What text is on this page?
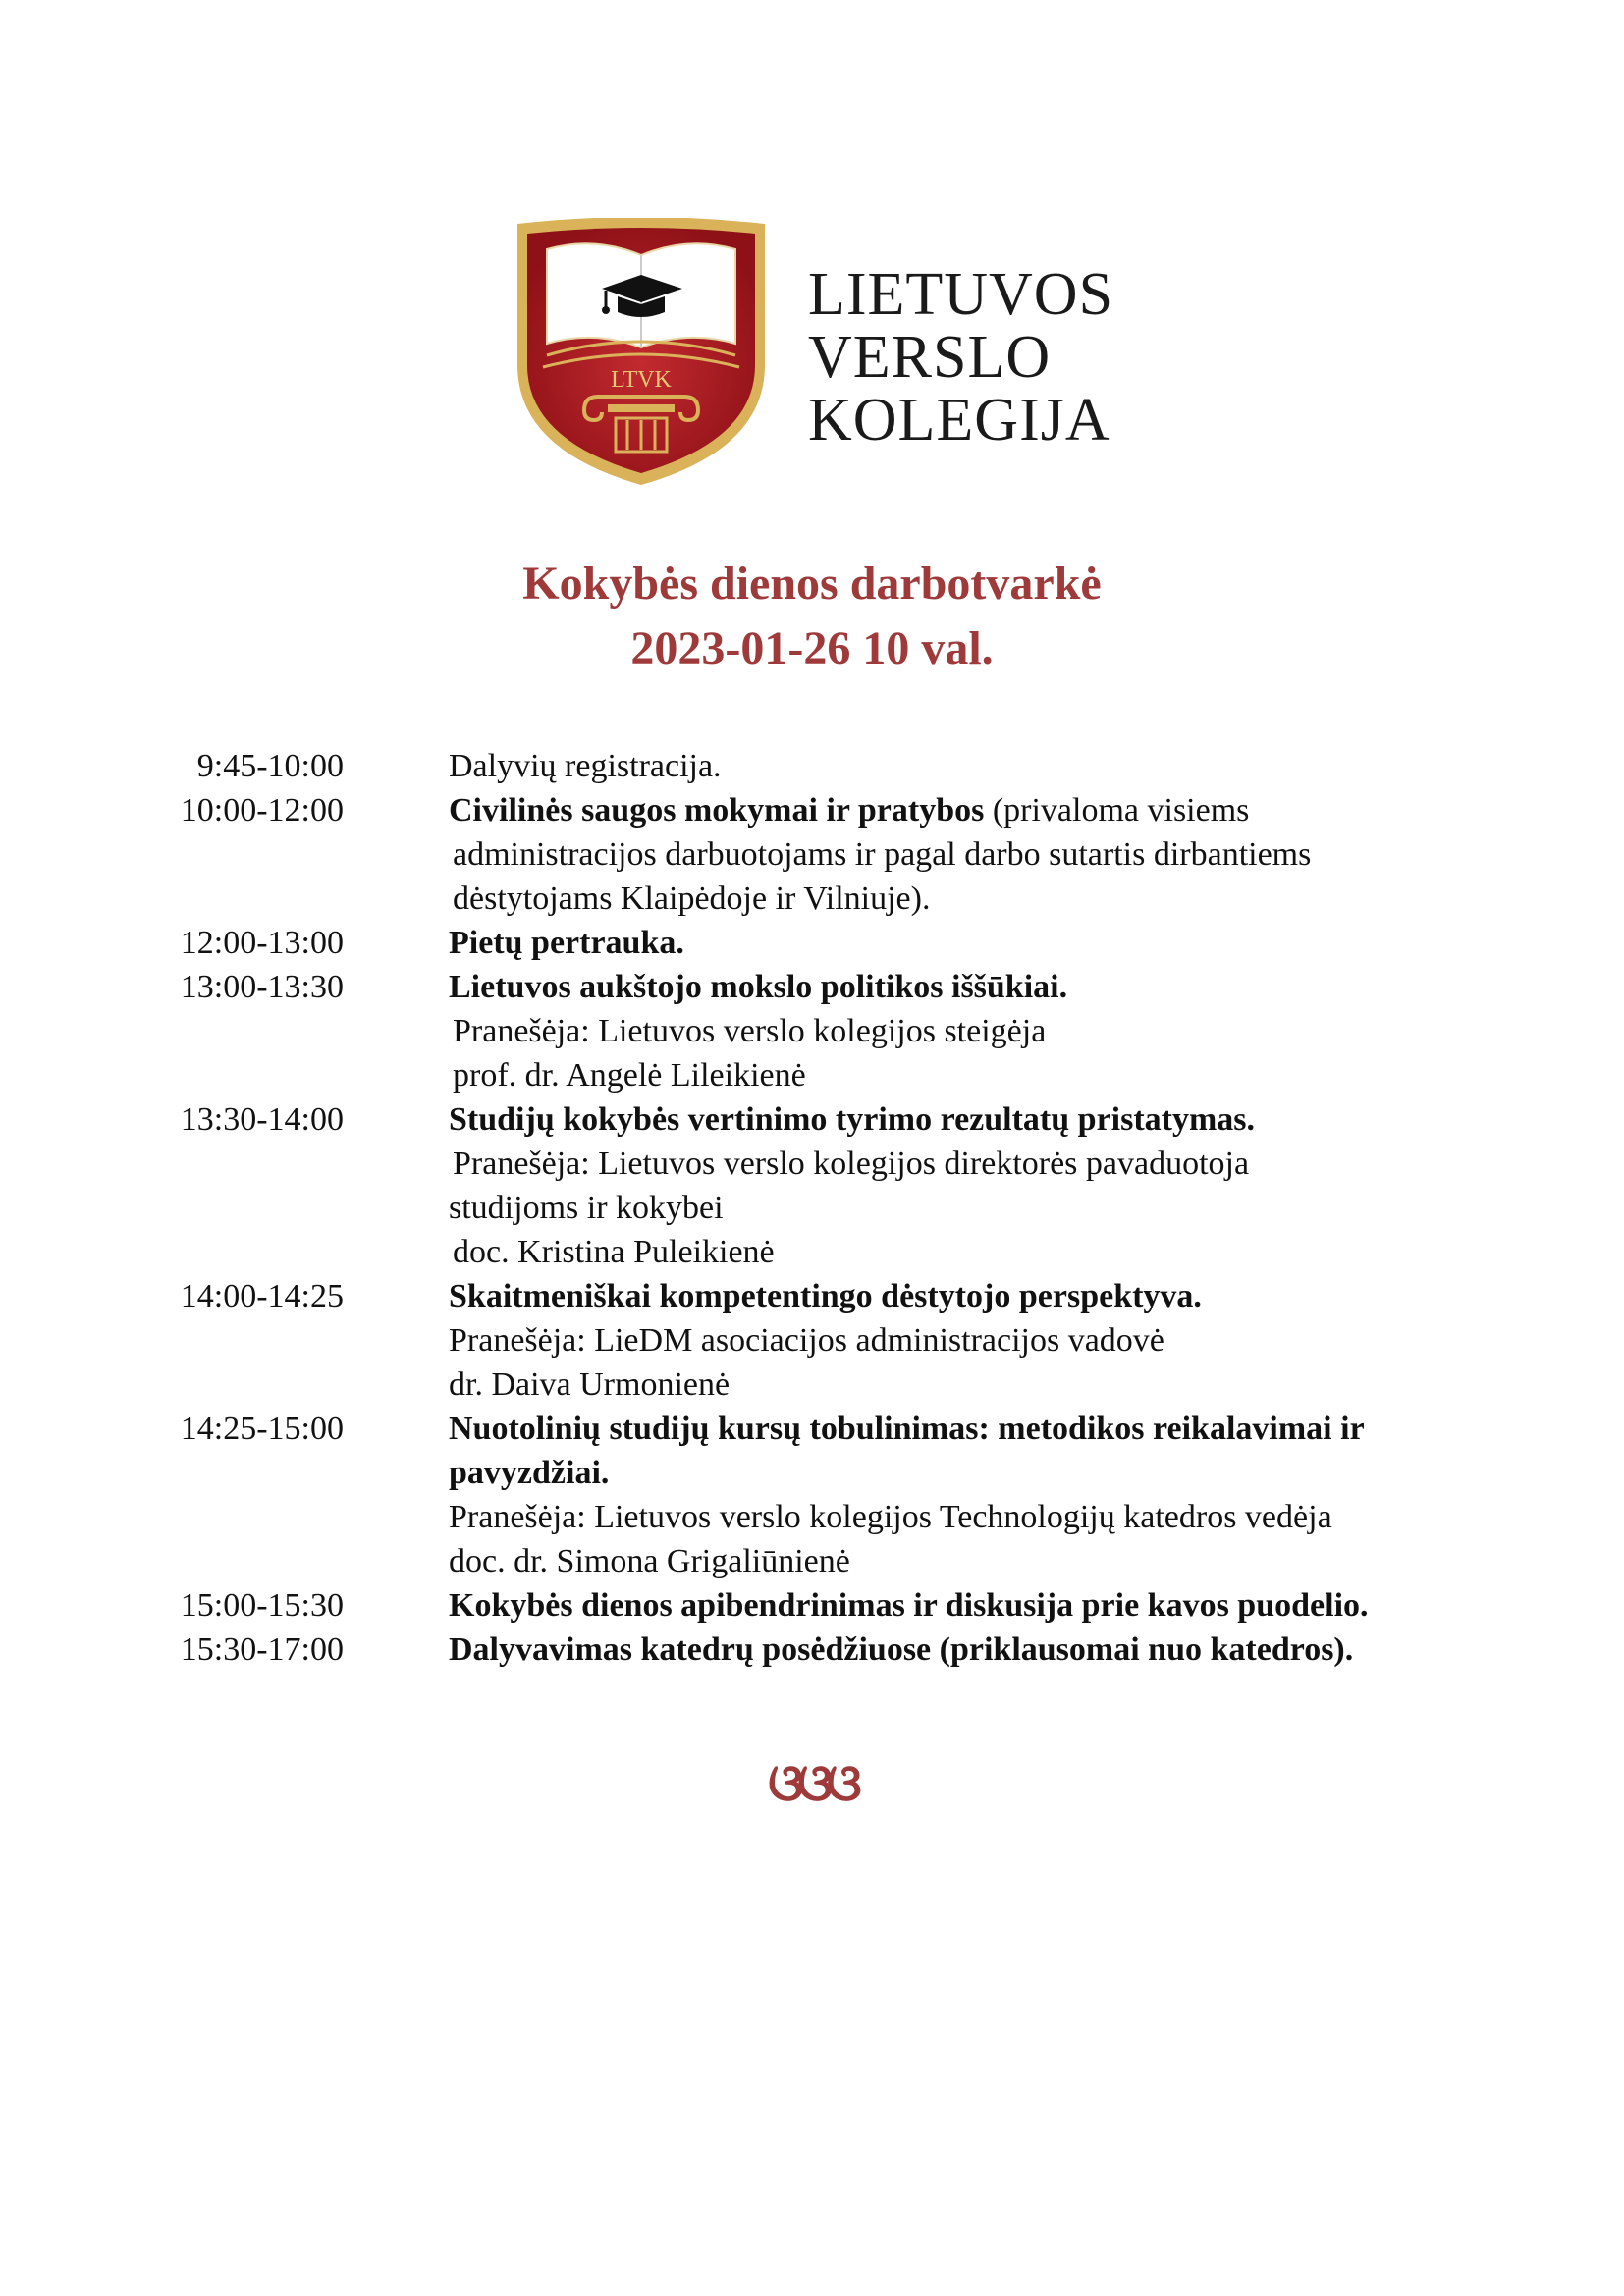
LTVK
LIETUVOS
VERSLO
KOLEGIJA
Kokybės dienos darbotvarkė
2023-01-26 10 val.
9:45-10:00	Dalyvių registracija.
10:00-12:00	Civilinės saugos mokymai ir pratybos (privaloma visiems
administracijos darbuotojams ir pagal darbo sutartis dirbantiems
dėstytojams Klaipėdoje ir Vilniuje).
12:00-13:00	Pietų pertrauka.
13:00-13:30	Lietuvos aukštojo mokslo politikos iššūkiai.
Pranešėja: Lietuvos verslo kolegijos steigėja
prof. dr. Angelė Lileikienė
13:30-14:00	Studijų kokybės vertinimo tyrimo rezultatų pristatymas.
Pranešėja: Lietuvos verslo kolegijos direktorės pavaduotoja
studijoms ir kokybei
doc. Kristina Puleikienė
14:00-14:25	Skaitmeniškai kompetentingo dėstytojo perspektyva.
Pranešėja: LieDM asociacijos administracijos vadovė
dr. Daiva Urmonienė
14:25-15:00	Nuotolinių studijų kursų tobulinimas: metodikos reikalavimai ir
pavyzdžiai.
Pranešėja: Lietuvos verslo kolegijos Technologijų katedros vedėja
doc. dr. Simona Grigaliūnienė
15:00-15:30	Kokybės dienos apibendrinimas ir diskusija prie kavos puodelio.
15:30-17:00	Dalyvavimas katedrų posėdžiuose (priklausomai nuo katedros).
ଓଓଓ
